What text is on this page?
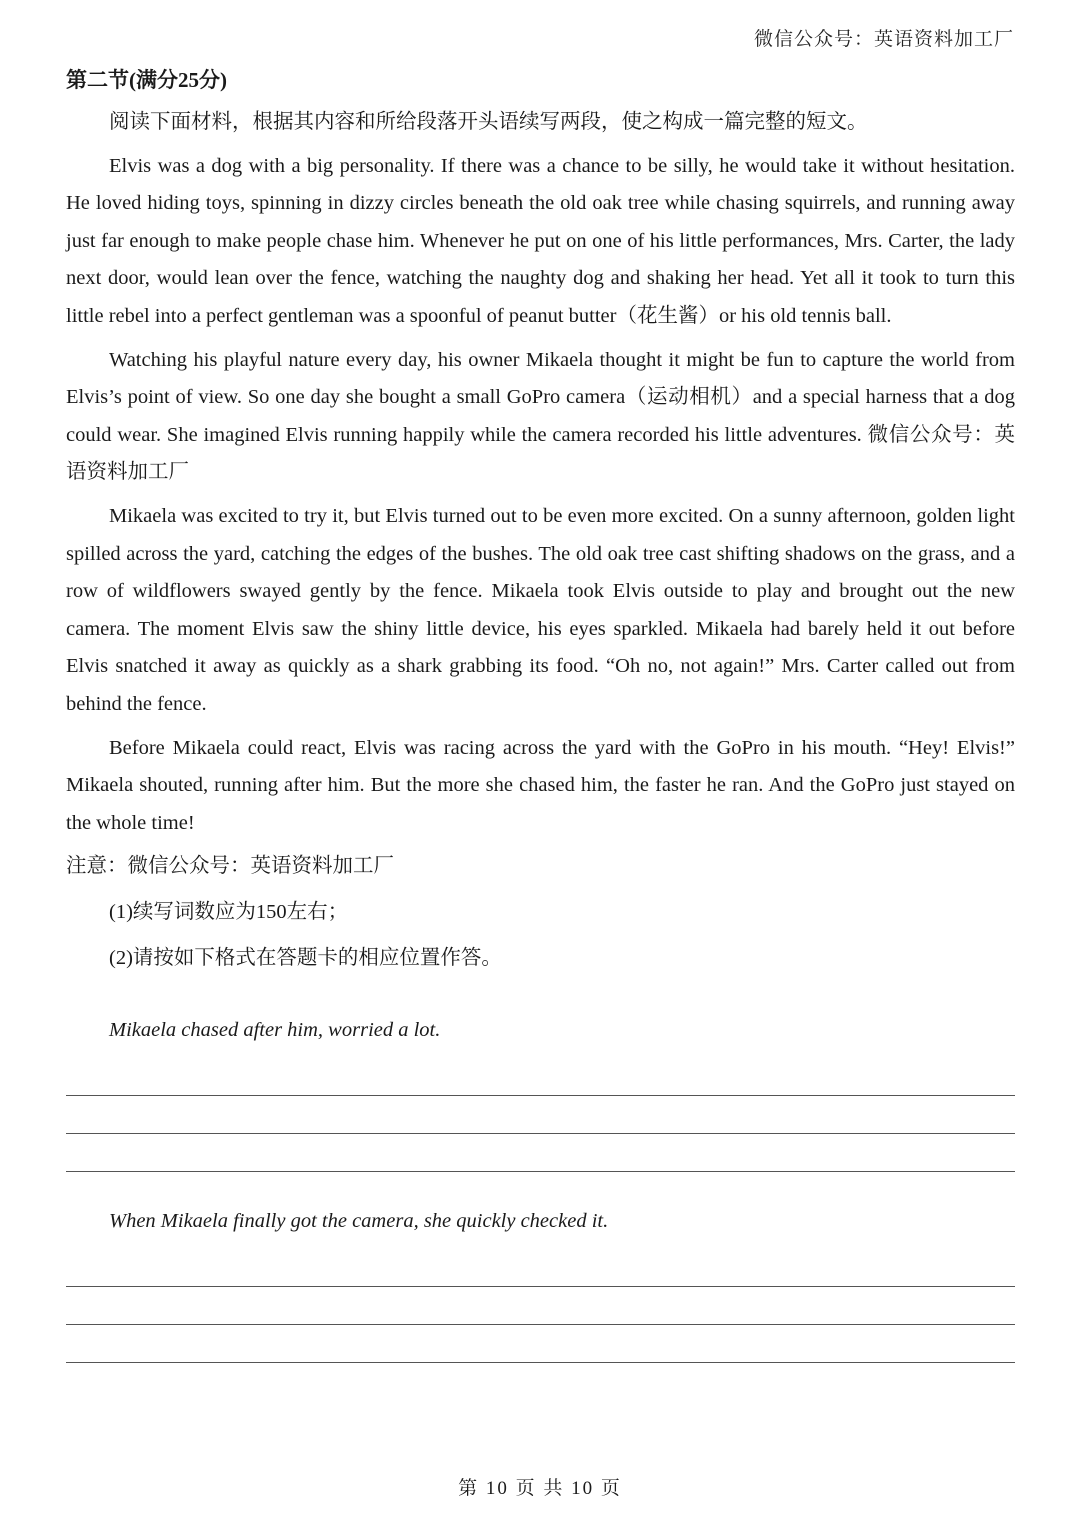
微信公众号：英语资料加工厂
第二节(满分25分)

阅读下面材料，根据其内容和所给段落开头语续写两段，使之构成一篇完整的短文。

Elvis was a dog with a big personality. If there was a chance to be silly, he would take it without hesitation. He loved hiding toys, spinning in dizzy circles beneath the old oak tree while chasing squirrels, and running away just far enough to make people chase him. Whenever he put on one of his little performances, Mrs. Carter, the lady next door, would lean over the fence, watching the naughty dog and shaking her head. Yet all it took to turn this little rebel into a perfect gentleman was a spoonful of peanut butter（花生酱）or his old tennis ball.

Watching his playful nature every day, his owner Mikaela thought it might be fun to capture the world from Elvis’s point of view. So one day she bought a small GoPro camera（运动相机）and a special harness that a dog could wear. She imagined Elvis running happily while the camera recorded his little adventures. 微信公众号：英语资料加工厂

Mikaela was excited to try it, but Elvis turned out to be even more excited. On a sunny afternoon, golden light spilled across the yard, catching the edges of the bushes. The old oak tree cast shifting shadows on the grass, and a row of wildflowers swayed gently by the fence. Mikaela took Elvis outside to play and brought out the new camera. The moment Elvis saw the shiny little device, his eyes sparkled. Mikaela had barely held it out before Elvis snatched it away as quickly as a shark grabbing its food. “Oh no, not again!” Mrs. Carter called out from behind the fence.

Before Mikaela could react, Elvis was racing across the yard with the GoPro in his mouth. “Hey! Elvis!” Mikaela shouted, running after him. But the more she chased him, the faster he ran. And the GoPro just stayed on the whole time!

注意：微信公众号：英语资料加工厂

(1)续写词数应为150左右；
(2)请按如下格式在答题卡的相应位置作答。
Mikaela chased after him, worried a lot.
When Mikaela finally got the camera, she quickly checked it.
第 10 页 共 10 页
